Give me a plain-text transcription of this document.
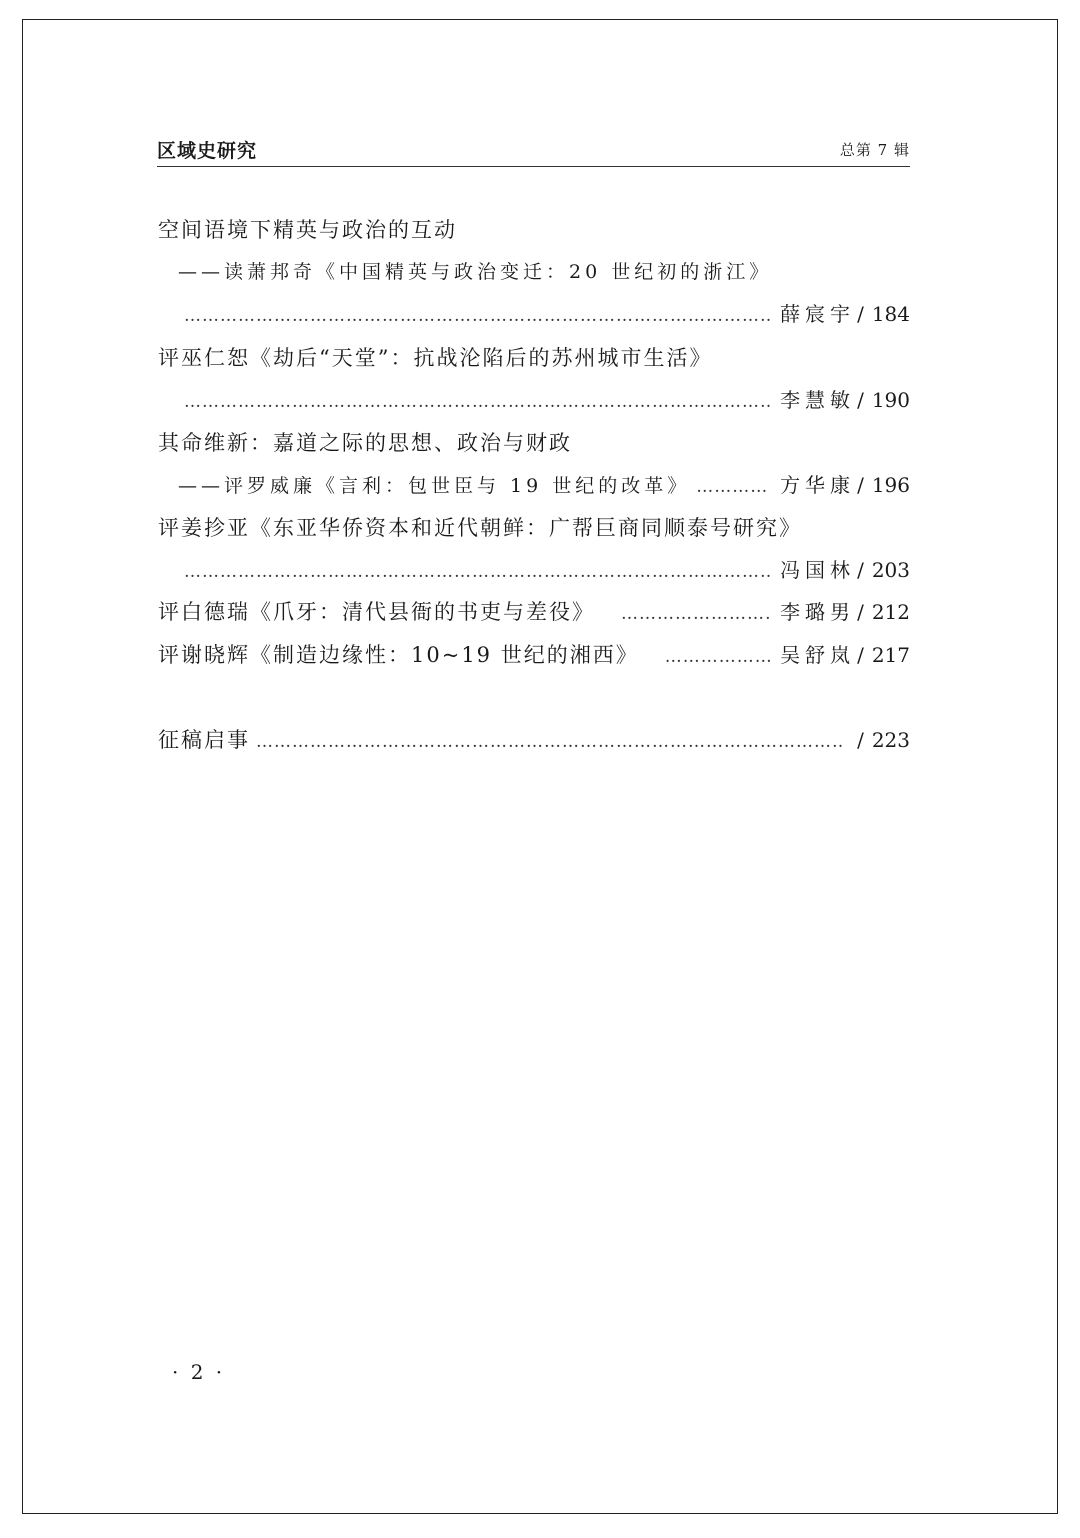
区域史研究	总第 7 辑
空间语境下精英与政治的互动
——读萧邦奇《中国精英与政治变迁：20 世纪初的浙江》
…………………………………………………………………………………………………………………………………………………………………………
薛宸宇 / 184
评巫仁恕《劫后“天堂”：抗战沦陷后的苏州城市生活》
…………………………………………………………………………………………………………………………………………………………………………
李慧敏 / 190
其命维新：嘉道之际的思想、政治与财政
——评罗威廉《言利：包世臣与 19 世纪的改革》 …………………………………………………………………………………………………………………………………………………………………………	方华康 / 196
评姜抮亚《东亚华侨资本和近代朝鲜：广帮巨商同顺泰号研究》
…………………………………………………………………………………………………………………………………………………………………………
冯国林 / 203
评白德瑞《爪牙：清代县衙的书吏与差役》 …………………………………………………………………………………………………………………………………………………………………………	李璐男 / 212
评谢晓辉《制造边缘性：10~19 世纪的湘西》 …………………………………………………………………………………………………………………………………………………………………………	吴舒岚 / 217
征稿启事 …………………………………………………………………………………………………………………………………………………………………………	/ 223
· 2 ·
